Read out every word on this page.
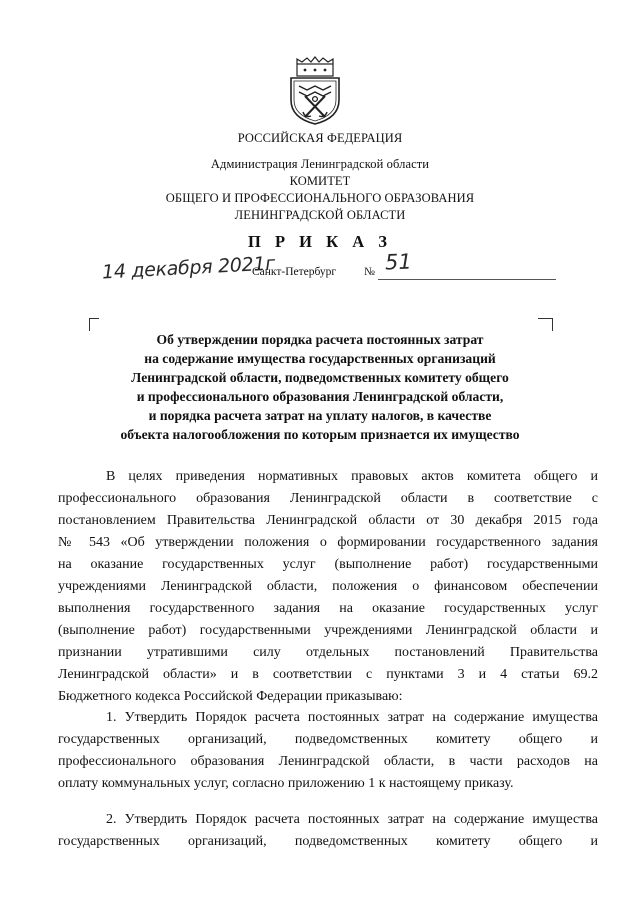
РОССИЙСКАЯ ФЕДЕРАЦИЯ
Администрация Ленинградской области
КОМИТЕТ
ОБЩЕГО И ПРОФЕССИОНАЛЬНОГО ОБРАЗОВАНИЯ
ЛЕНИНГРАДСКОЙ ОБЛАСТИ
П Р И К А З
14 декабря 2021г
Санкт-Петербург № 51
Об утверждении порядка расчета постоянных затрат
на содержание имущества государственных организаций
Ленинградской области, подведомственных комитету общего
и профессионального образования Ленинградской области,
и порядка расчета затрат на уплату налогов, в качестве
объекта налогообложения по которым признается их имущество
В целях приведения нормативных правовых актов комитета общего и
профессионального образования Ленинградской области в соответствие с
постановлением Правительства Ленинградской области от 30 декабря 2015 года
№ 543 «Об утверждении положения о формировании государственного задания
на оказание государственных услуг (выполнение работ) государственными
учреждениями Ленинградской области, положения о финансовом обеспечении
выполнения государственного задания на оказание государственных услуг
(выполнение работ) государственными учреждениями Ленинградской области и
признании утратившими силу отдельных постановлений Правительства
Ленинградской области» и в соответствии с пунктами 3 и 4 статьи 69.2
Бюджетного кодекса Российской Федерации приказываю:
1. Утвердить Порядок расчета постоянных затрат на содержание имущества
государственных организаций, подведомственных комитету общего и
профессионального образования Ленинградской области, в части расходов на
оплату коммунальных услуг, согласно приложению 1 к настоящему приказу.
2. Утвердить Порядок расчета постоянных затрат на содержание имущества
государственных организаций, подведомственных комитету общего и
